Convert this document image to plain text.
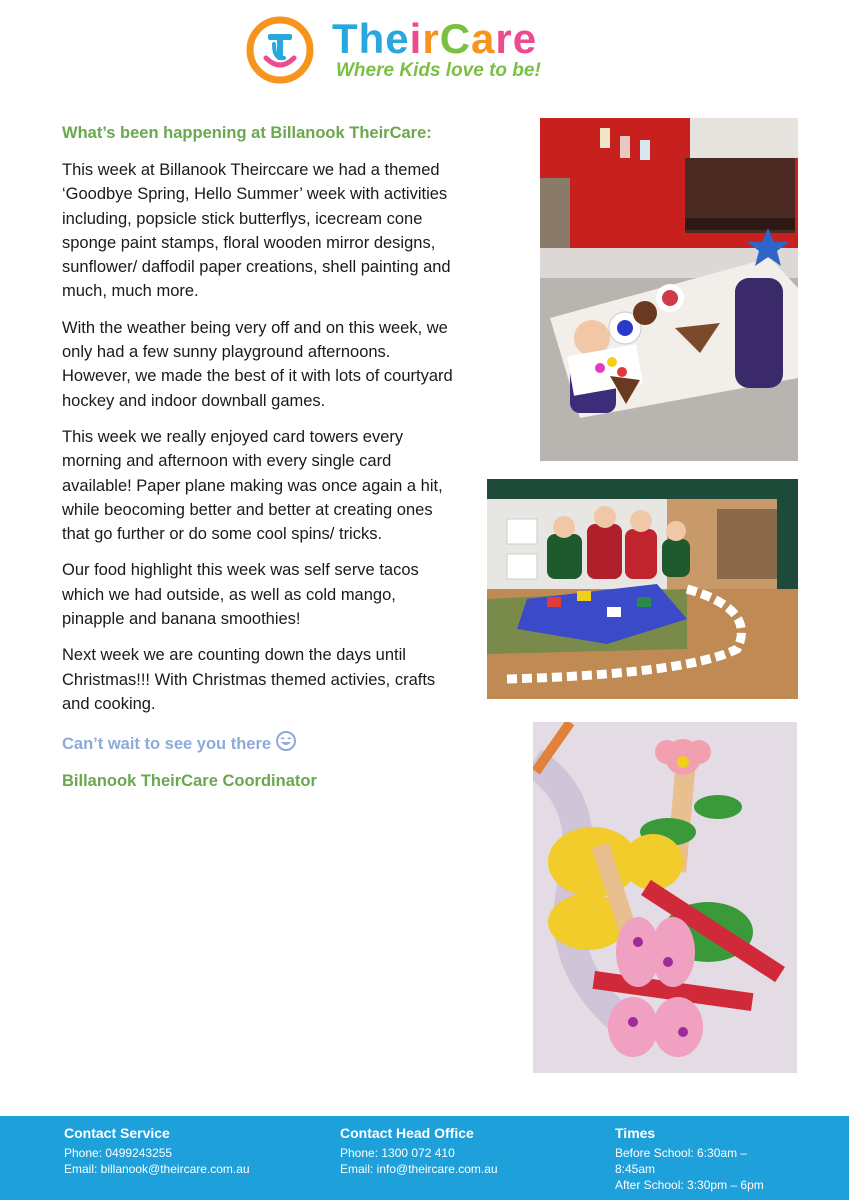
TheirCare
Where Kids love to be!

What’s been happening at Billanook TheirCare:

This week at Billanook Theirccare we had a themed ‘Goodbye Spring, Hello Summer’ week with activities including, popsicle stick butterflys, icecream cone sponge paint stamps, floral wooden mirror designs, sunflower/ daffodil paper creations, shell painting and much, much more.

With the weather being very off and on this week, we only had a few sunny playground afternoons. However, we made the best of it with lots of courtyard hockey and indoor downball games.

This week we really enjoyed card towers every morning and afternoon with every single card available! Paper plane making was once again a hit, while beocoming better and better at creating ones that go further or do some cool spins/ tricks.

Our food highlight this week was self serve tacos which we had outside, as well as cold mango, pinapple and banana smoothies!

Next week we are counting down the days until Christmas!!! With Christmas themed activies, crafts and cooking.

Can’t wait to see you there

Billanook TheirCare Coordinator

Contact Service
Phone: 0499243255
Email: billanook@theircare.com.au
Contact Head Office
Phone: 1300 072 410
Email: info@theircare.com.au
Times
Before School: 6:30am –
8:45am
After School: 3:30pm – 6pm
